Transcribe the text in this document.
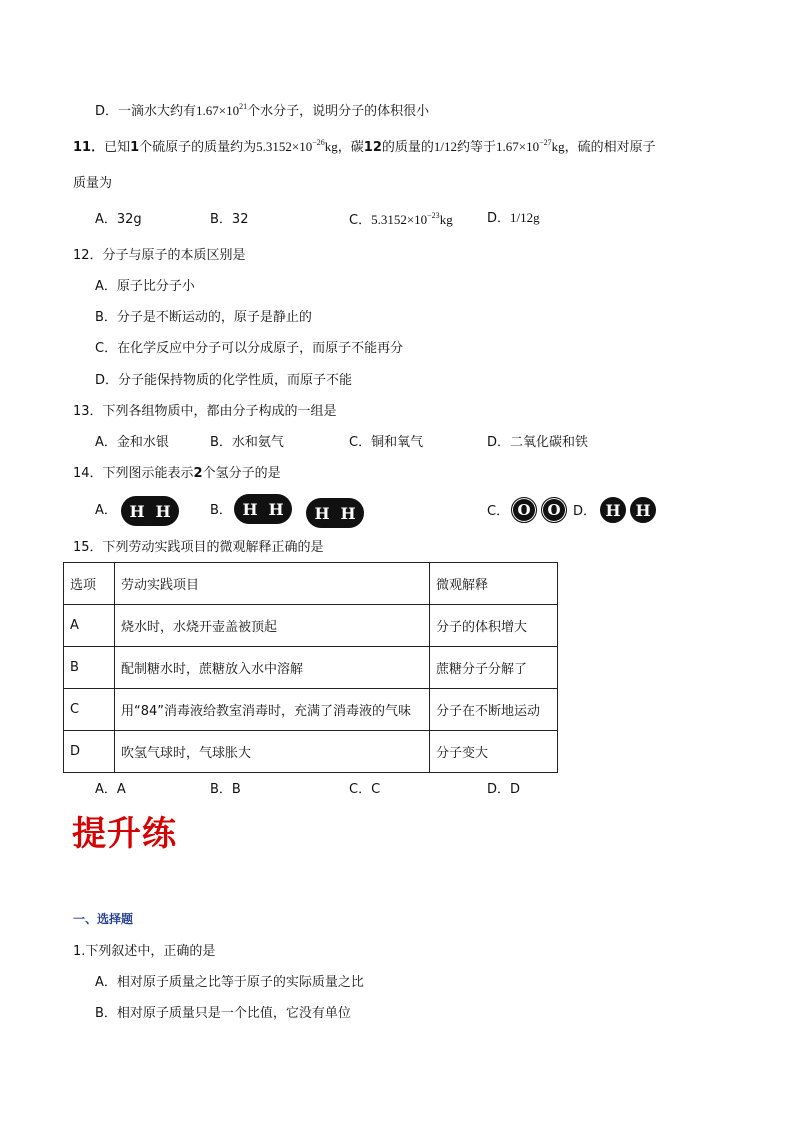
D．一滴水大约有$1.67\times 10^{21}$个水分子，说明分子的体积很小
11．已知1个硫原子的质量约为$5.3152\times 10^{-26}kg$，碳12的质量的1/12约等于$1.67\times 10^{-27}kg$，硫的相对原子
质量为
A．32g	B．32	C．$5.3152\times 10^{-23}kg$	D．1/12g
12．分子与原子的本质区别是
A．原子比分子小
B．分子是不断运动的，原子是静止的
C．在化学反应中分子可以分成原子，而原子不能再分
D．分子能保持物质的化学性质，而原子不能
13．下列各组物质中，都由分子构成的一组是
A．金和水银	B．水和氨气	C．铜和氧气	D．二氧化碳和铁
14．下列图示能表示2个氢分子的是
A． H H	B． H H	H H	C． O	O D． H H
15．下列劳动实践项目的微观解释正确的是
选项	劳动实践项目	微观解释
A	烧水时，水烧开壶盖被顶起	分子的体积增大
B	配制糖水时，蔗糖放入水中溶解	蔗糖分子分解了
C	用“84”消毒液给教室消毒时，充满了消毒液的气味	分子在不断地运动
D	吹氢气球时，气球胀大	分子变大
A．A	B．B	C．C	D．D
提升练
一、选择题
1.下列叙述中，正确的是
A．相对原子质量之比等于原子的实际质量之比
B．相对原子质量只是一个比值，它没有单位
